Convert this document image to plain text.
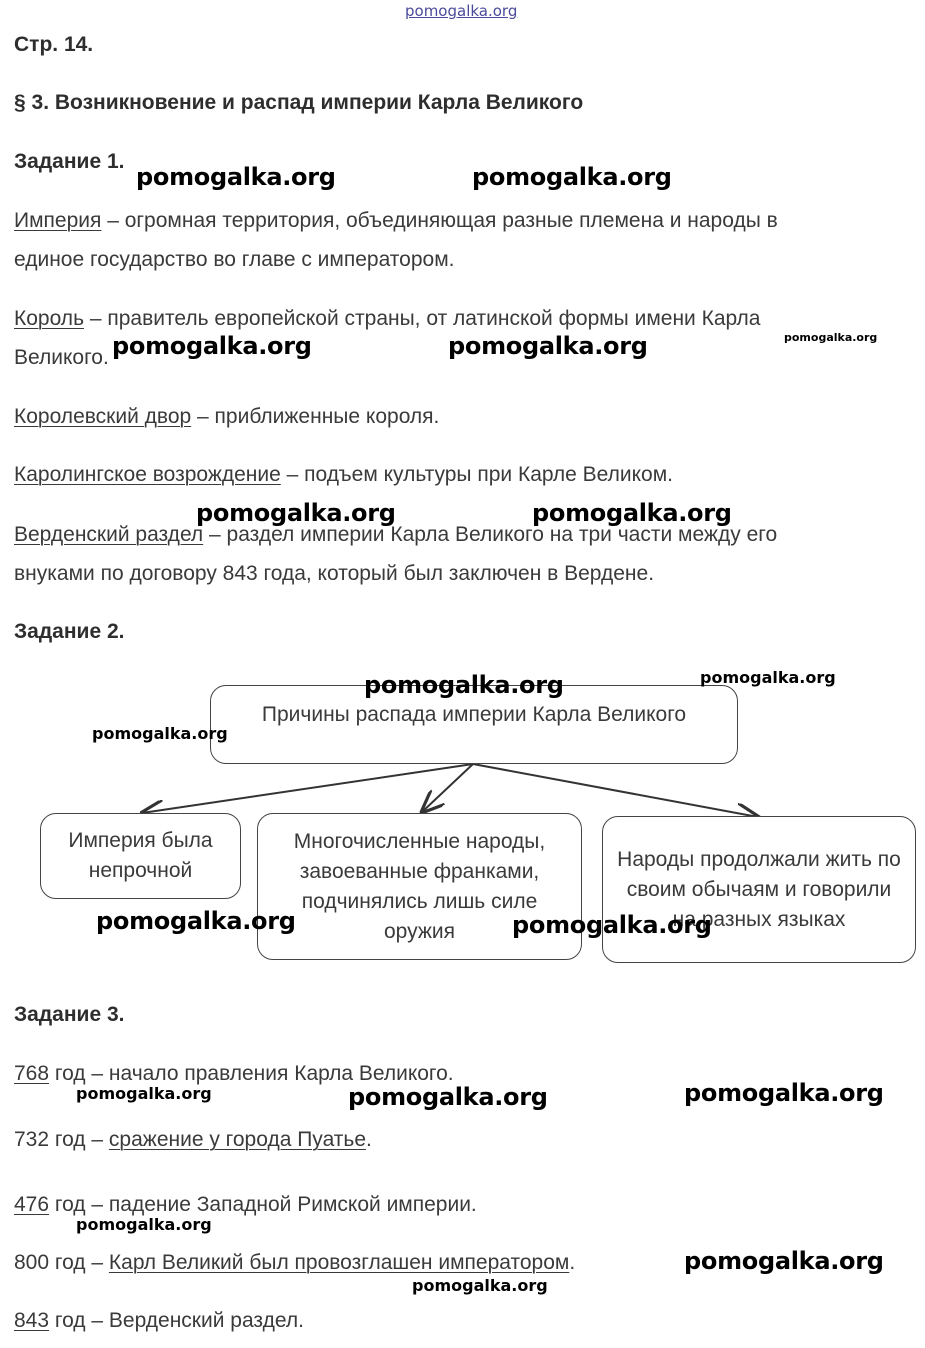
pomogalka.org
Стр. 14.
§ 3. Возникновение и распад империи Карла Великого
Задание 1.
Империя – огромная территория, объединяющая разные племена и народы в
единое государство во главе с императором.
Король – правитель европейской страны, от латинской формы имени Карла
Великого.
Королевский двор – приближенные короля.
Каролингское возрождение – подъем культуры при Карле Великом.
Верденский раздел – раздел империи Карла Великого на три части между его
внуками по договору 843 года, который был заключен в Вердене.
Задание 2.
Причины распада империи Карла Великого
Империя была непрочной
Многочисленные народы, завоеванные франками, подчинялись лишь силе оружия
Народы продолжали жить по своим обычаям и говорили на разных языках
Задание 3.
768 год – начало правления Карла Великого.
732 год – сражение у города Пуатье.
476 год – падение Западной Римской империи.
800 год – Карл Великий был провозглашен императором.
843 год – Верденский раздел.
pomogalka.org	pomogalka.org
pomogalka.org	pomogalka.org	pomogalka.org
pomogalka.org	pomogalka.org
pomogalka.org	pomogalka.org
pomogalka.org
pomogalka.org	pomogalka.org
pomogalka.org	pomogalka.org	pomogalka.org
pomogalka.org
pomogalka.org
pomogalka.org
